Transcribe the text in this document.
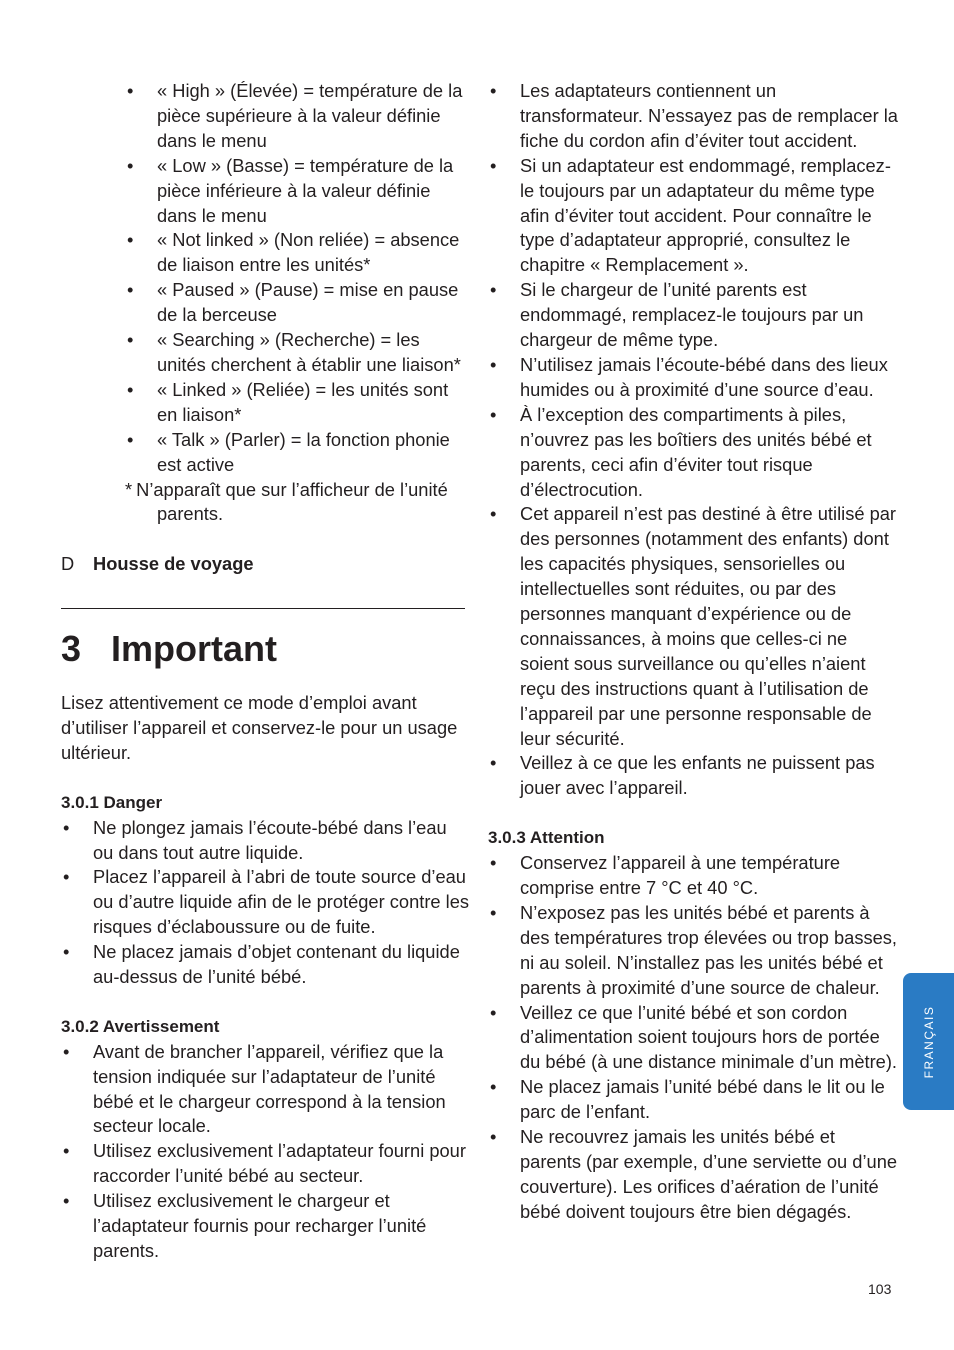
• « High » (Élevée) = température de la pièce supérieure à la valeur définie dans le menu
• « Low » (Basse) = température de la pièce inférieure à la valeur définie dans le menu
• « Not linked » (Non reliée) = absence de liaison entre les unités*
• « Paused » (Pause) = mise en pause de la berceuse
• « Searching » (Recherche) = les unités cherchent à établir une liaison*
• « Linked » (Reliée) = les unités sont en liaison*
• « Talk » (Parler) = la fonction phonie est active

* N’apparaît que sur l’afficheur de l’unité parents.

D	Housse de voyage
3 Important

Lisez attentivement ce mode d’emploi avant d’utiliser l’appareil et conservez-le pour un usage ultérieur.

3.0.1 Danger

• Ne plongez jamais l’écoute-bébé dans l’eau ou dans tout autre liquide.
• Placez l’appareil à l’abri de toute source d’eau ou d’autre liquide afin de le protéger contre les risques d’éclaboussure ou de fuite.
• Ne placez jamais d’objet contenant du liquide au-dessus de l’unité bébé.

3.0.2 Avertissement

• Avant de brancher l’appareil, vérifiez que la tension indiquée sur l’adaptateur de l’unité bébé et le chargeur correspond à la tension secteur locale.
• Utilisez exclusivement l’adaptateur fourni pour raccorder l’unité bébé au secteur.
• Utilisez exclusivement le chargeur et l’adaptateur fournis pour recharger l’unité parents.
• Les adaptateurs contiennent un transformateur. N’essayez pas de remplacer la fiche du cordon afin d’éviter tout accident.
• Si un adaptateur est endommagé, remplacez-le toujours par un adaptateur du même type afin d’éviter tout accident. Pour connaître le type d’adaptateur approprié, consultez le chapitre « Remplacement ».
• Si le chargeur de l’unité parents est endommagé, remplacez-le toujours par un chargeur de même type.
• N’utilisez jamais l’écoute-bébé dans des lieux humides ou à proximité d’une source d’eau.
• À l’exception des compartiments à piles, n’ouvrez pas les boîtiers des unités bébé et parents, ceci afin d’éviter tout risque d’électrocution.
• Cet appareil n’est pas destiné à être utilisé par des personnes (notamment des enfants) dont les capacités physiques, sensorielles ou intellectuelles sont réduites, ou par des personnes manquant d’expérience ou de connaissances, à moins que celles-ci ne soient sous surveillance ou qu’elles n’aient reçu des instructions quant à l’utilisation de l’appareil par une personne responsable de leur sécurité.
• Veillez à ce que les enfants ne puissent pas jouer avec l’appareil.

3.0.3 Attention

• Conservez l’appareil à une température comprise entre 7 °C et 40 °C.
• N’exposez pas les unités bébé et parents à des températures trop élevées ou trop basses, ni au soleil. N’installez pas les unités bébé et parents à proximité d’une source de chaleur.
• Veillez ce que l’unité bébé et son cordon d’alimentation soient toujours hors de portée du bébé (à une distance minimale d’un mètre).
• Ne placez jamais l’unité bébé dans le lit ou le parc de l’enfant.
• Ne recouvrez jamais les unités bébé et parents (par exemple, d’une serviette ou d’une couverture). Les orifices d’aération de l’unité bébé doivent toujours être bien dégagés.
FRANÇAIS
103
